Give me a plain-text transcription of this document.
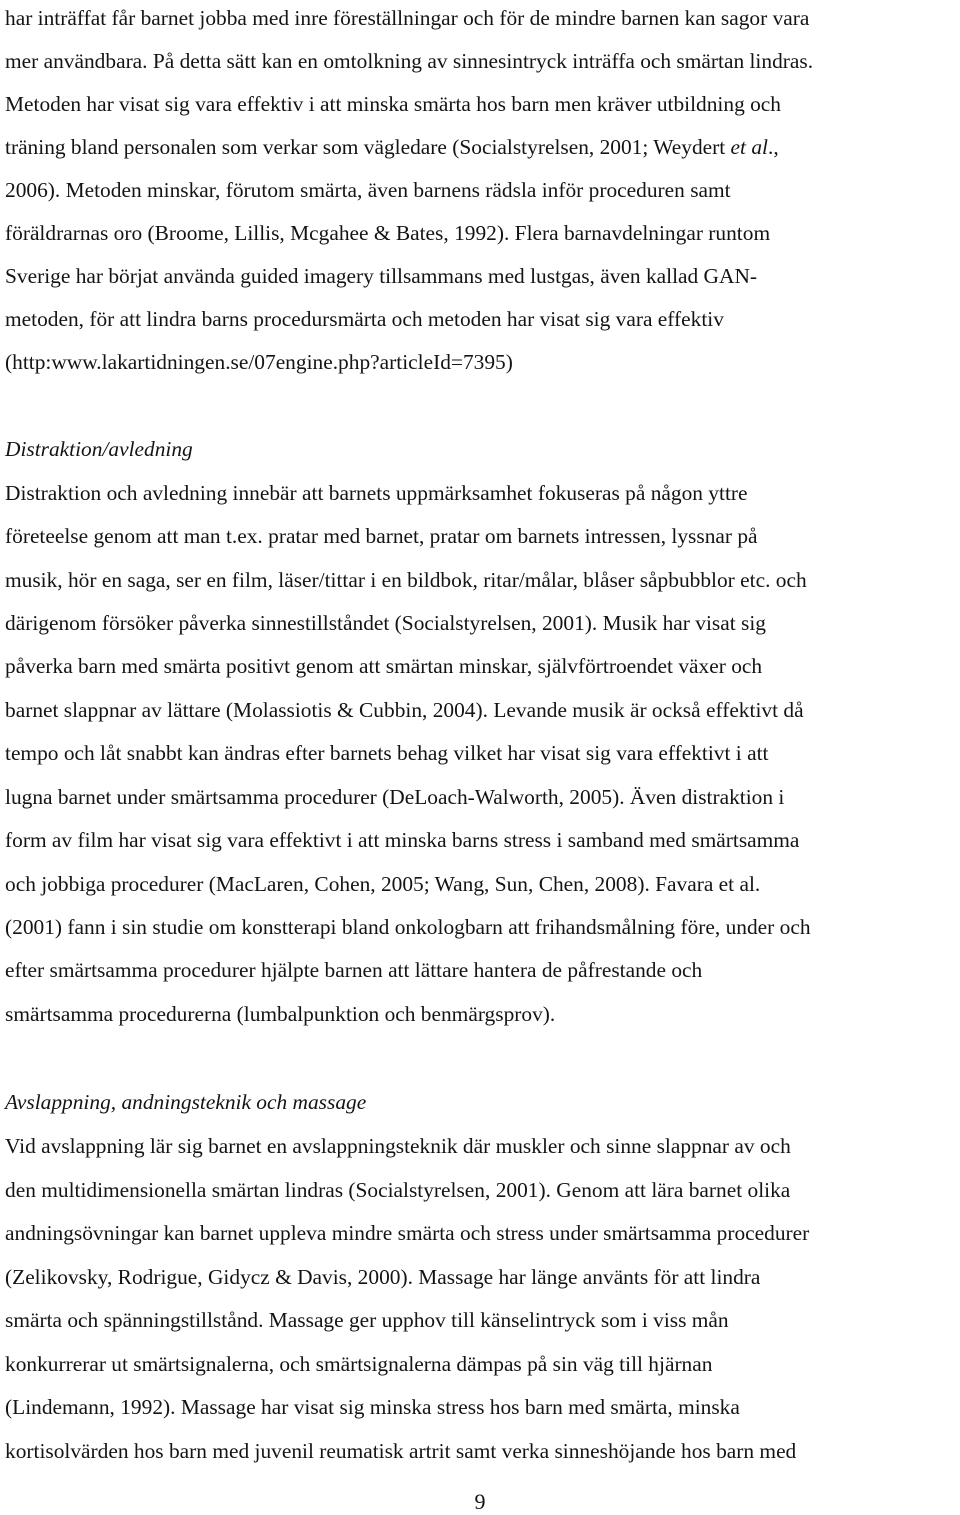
har inträffat får barnet jobba med inre föreställningar och för de mindre barnen kan sagor vara
mer användbara. På detta sätt kan en omtolkning av sinnesintryck inträffa och smärtan lindras.
Metoden har visat sig vara effektiv i att minska smärta hos barn men kräver utbildning och
träning bland personalen som verkar som vägledare (Socialstyrelsen, 2001; Weydert et al.,
2006). Metoden minskar, förutom smärta, även barnens rädsla inför proceduren samt
föräldrarnas oro (Broome, Lillis, Mcgahee & Bates, 1992). Flera barnavdelningar runtom
Sverige har börjat använda guided imagery tillsammans med lustgas, även kallad GAN-
metoden, för att lindra barns procedursmärta och metoden har visat sig vara effektiv
(http:www.lakartidningen.se/07engine.php?articleId=7395)
Distraktion/avledning
Distraktion och avledning innebär att barnets uppmärksamhet fokuseras på någon yttre
företeelse genom att man t.ex. pratar med barnet, pratar om barnets intressen, lyssnar på
musik, hör en saga, ser en film, läser/tittar i en bildbok, ritar/målar, blåser såpbubblor etc. och
därigenom försöker påverka sinnestillståndet (Socialstyrelsen, 2001). Musik har visat sig
påverka barn med smärta positivt genom att smärtan minskar, självförtroendet växer och
barnet slappnar av lättare (Molassiotis & Cubbin, 2004). Levande musik är också effektivt då
tempo och låt snabbt kan ändras efter barnets behag vilket har visat sig vara effektivt i att
lugna barnet under smärtsamma procedurer (DeLoach-Walworth, 2005). Även distraktion i
form av film har visat sig vara effektivt i att minska barns stress i samband med smärtsamma
och jobbiga procedurer (MacLaren, Cohen, 2005; Wang, Sun, Chen, 2008). Favara et al.
(2001) fann i sin studie om konstterapi bland onkologbarn att frihandsmålning före, under och
efter smärtsamma procedurer hjälpte barnen att lättare hantera de påfrestande och
smärtsamma procedurerna (lumbalpunktion och benmärgsprov).
Avslappning, andningsteknik och massage
Vid avslappning lär sig barnet en avslappningsteknik där muskler och sinne slappnar av och
den multidimensionella smärtan lindras (Socialstyrelsen, 2001). Genom att lära barnet olika
andningsövningar kan barnet uppleva mindre smärta och stress under smärtsamma procedurer
(Zelikovsky, Rodrigue, Gidycz & Davis, 2000). Massage har länge använts för att lindra
smärta och spänningstillstånd. Massage ger upphov till känselintryck som i viss mån
konkurrerar ut smärtsignalerna, och smärtsignalerna dämpas på sin väg till hjärnan
(Lindemann, 1992). Massage har visat sig minska stress hos barn med smärta, minska
kortisolvärden hos barn med juvenil reumatisk artrit samt verka sinneshöjande hos barn med
9
